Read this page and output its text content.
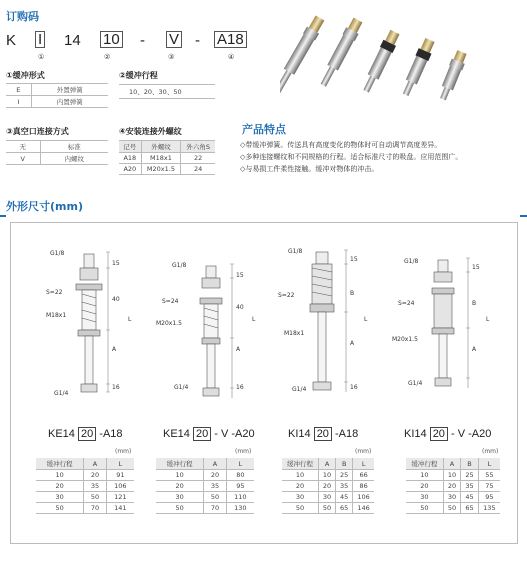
订购码
K I 14 10 - V - A18
①	②	③	④
①缓冲形式
E	外置弹簧
I	内置弹簧
②缓冲行程
10、20、30、50
③真空口连接方式
无	标准
V	内螺纹
④安装连接外螺纹
记号	外螺纹	外六角S
A18	M18x1	22
A20	M20x1.5	24
产品特点
◇带缓冲弹簧。传送具有高度变化的物体时可自动调节高度差异。
◇多种连接螺纹和不同规格的行程。适合标准尺寸的吸盘。应用范围广。
◇与易损工件柔性接触。缓冲对物体的冲击。
外形尺寸(mm)
G1/8
S=22
M18x1
G1/4
15
40
A
16
L
G1/8
S=24
M20x1.5
G1/4
15
40
A
16
L
G1/8
S=22
M18x1
G1/4
15
B
A
16
L
G1/8
S=24
M20x1.5
G1/4
15
B
A
L
KE14 20 -A18	KE14 20 - V -A20	KI14 20 -A18	KI14 20 - V -A20
(mm)	(mm)	(mm)	(mm)
缓冲行程	A	L
10	20	91
20	35	106
30	50	121
50	70	141
缓冲行程	A	L
10	20	80
20	35	95
30	50	110
50	70	130
缓冲行程	A	B	L
10	10	25	66
20	20	35	86
30	30	45	106
50	50	65	146
缓冲行程	A	B	L
10	10	25	55
20	20	35	75
30	30	45	95
50	50	65	135
